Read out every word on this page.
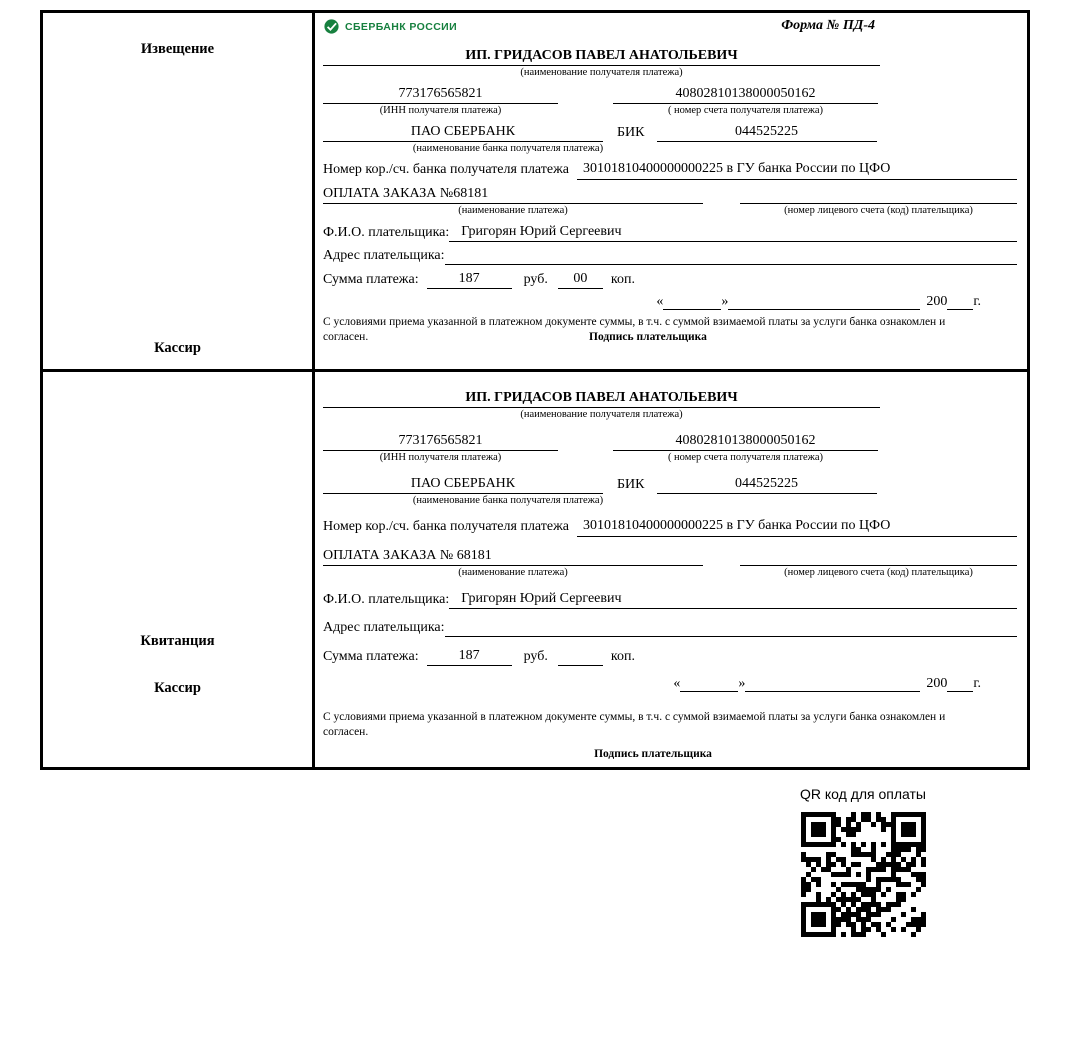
Извещение
Кассир
СБЕРБАНК РОССИИ	Форма № ПД-4
ИП. ГРИДАСОВ ПАВЕЛ АНАТОЛЬЕВИЧ
(наименование получателя платежа)
773176565821	40802810138000050162
(ИНН получателя платежа)	( номер счета получателя платежа)
ПАО СБЕРБАНК	БИК	044525225
(наименование банка получателя платежа)
Номер кор./сч. банка получателя платежа	30101810400000000225 в ГУ банка России по ЦФО
ОПЛАТА ЗАКАЗА №68181
(наименование платежа)	(номер лицевого счета (код) плательщика)
Ф.И.О. плательщика: Григорян Юрий Сергеевич
Адрес плательщика:
Сумма платежа:	187	руб.	00	коп.
«	»	200 г.
С условиями приема указанной в платежном документе суммы, в т.ч. с суммой взимаемой платы за услуги банка ознакомлен и согласен.	Подпись плательщика
Квитанция
Кассир
ИП. ГРИДАСОВ ПАВЕЛ АНАТОЛЬЕВИЧ
(наименование получателя платежа)
773176565821	40802810138000050162
(ИНН получателя платежа)	( номер счета получателя платежа)
ПАО СБЕРБАНК	БИК	044525225
(наименование банка получателя платежа)
Номер кор./сч. банка получателя платежа	30101810400000000225 в ГУ банка России по ЦФО
ОПЛАТА ЗАКАЗА № 68181
(наименование платежа)	(номер лицевого счета (код) плательщика)
Ф.И.О. плательщика: Григорян Юрий Сергеевич
Адрес плательщика:
Сумма платежа:	187	руб.	коп.
«	»	200 г.
С условиями приема указанной в платежном документе суммы, в т.ч. с суммой взимаемой платы за услуги банка ознакомлен и согласен.
Подпись плательщика
QR код для оплаты
